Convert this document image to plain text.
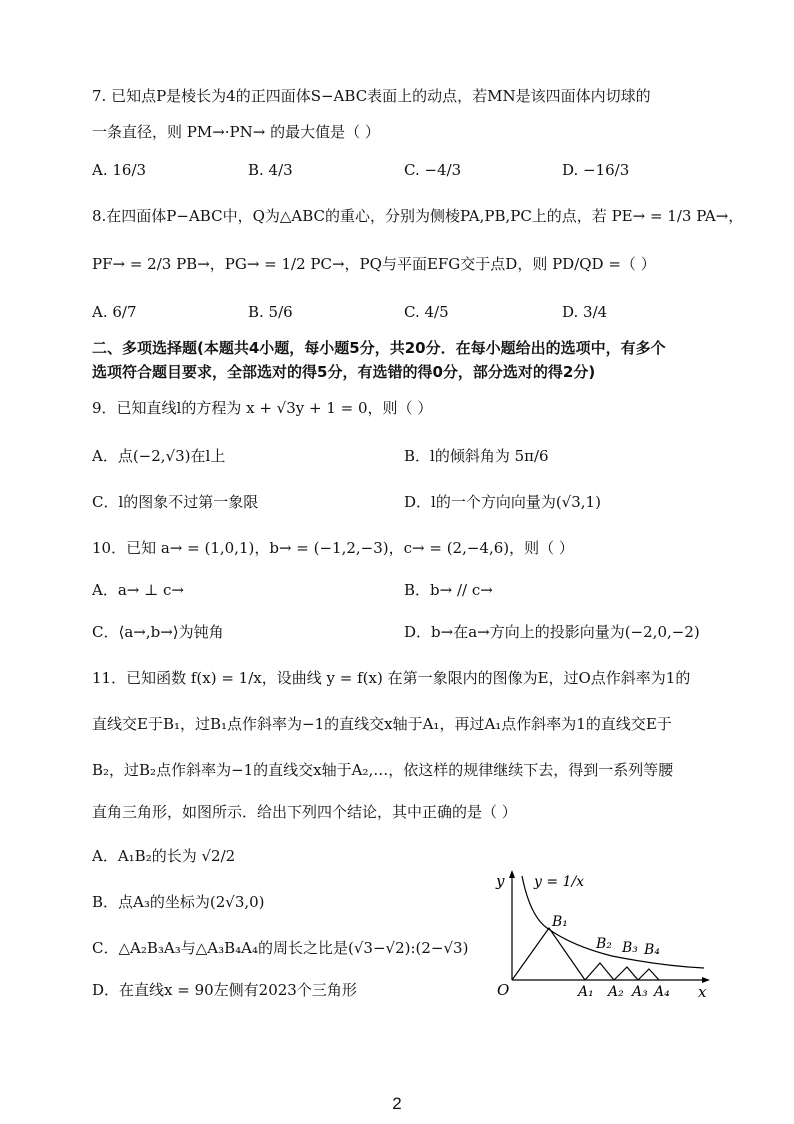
7. 已知点P是棱长为4的正四面体S−ABC表面上的动点，若MN是该四面体内切球的
一条直径，则 PM→·PN→ 的最大值是（ ）
A. 16/3	B. 4/3	C. −4/3	D. −16/3
8.在四面体P−ABC中，Q为△ABC的重心，分别为侧棱PA,PB,PC上的点，若 PE→ = 1/3 PA→，
PF→ = 2/3 PB→，PG→ = 1/2 PC→，PQ与平面EFG交于点D，则 PD/QD =（ ）
A. 6/7	B. 5/6	C. 4/5	D. 3/4
二、多项选择题(本题共4小题，每小题5分，共20分．在每小题给出的选项中，有多个
选项符合题目要求，全部选对的得5分，有选错的得0分，部分选对的得2分)
9．已知直线l的方程为 x + √3y + 1 = 0，则（ ）
A．点(−2,√3)在l上	B．l的倾斜角为 5π/6
C．l的图象不过第一象限	D．l的一个方向向量为(√3,1)
10．已知 a→ = (1,0,1)，b→ = (−1,2,−3)，c→ = (2,−4,6)，则（ ）
A．a→ ⊥ c→	B．b→ // c→
C．⟨a→,b→⟩为钝角	D．b→在a→方向上的投影向量为(−2,0,−2)
11．已知函数 f(x) = 1/x，设曲线 y = f(x) 在第一象限内的图像为E，过O点作斜率为1的
直线交E于B₁，过B₁点作斜率为−1的直线交x轴于A₁，再过A₁点作斜率为1的直线交E于
B₂，过B₂点作斜率为−1的直线交x轴于A₂,…，依这样的规律继续下去，得到一系列等腰
直角三角形，如图所示．给出下列四个结论，其中正确的是（ ）
A．A₁B₂的长为 √2/2
B．点A₃的坐标为(2√3,0)
C．△A₂B₃A₃与△A₃B₄A₄的周长之比是(√3−√2):(2−√3)
D．在直线x = 90左侧有2023个三角形
y
x
O
y = 1/x
B₁
B₂ B₃ B₄
A₁ A₂ A₃ A₄
2
